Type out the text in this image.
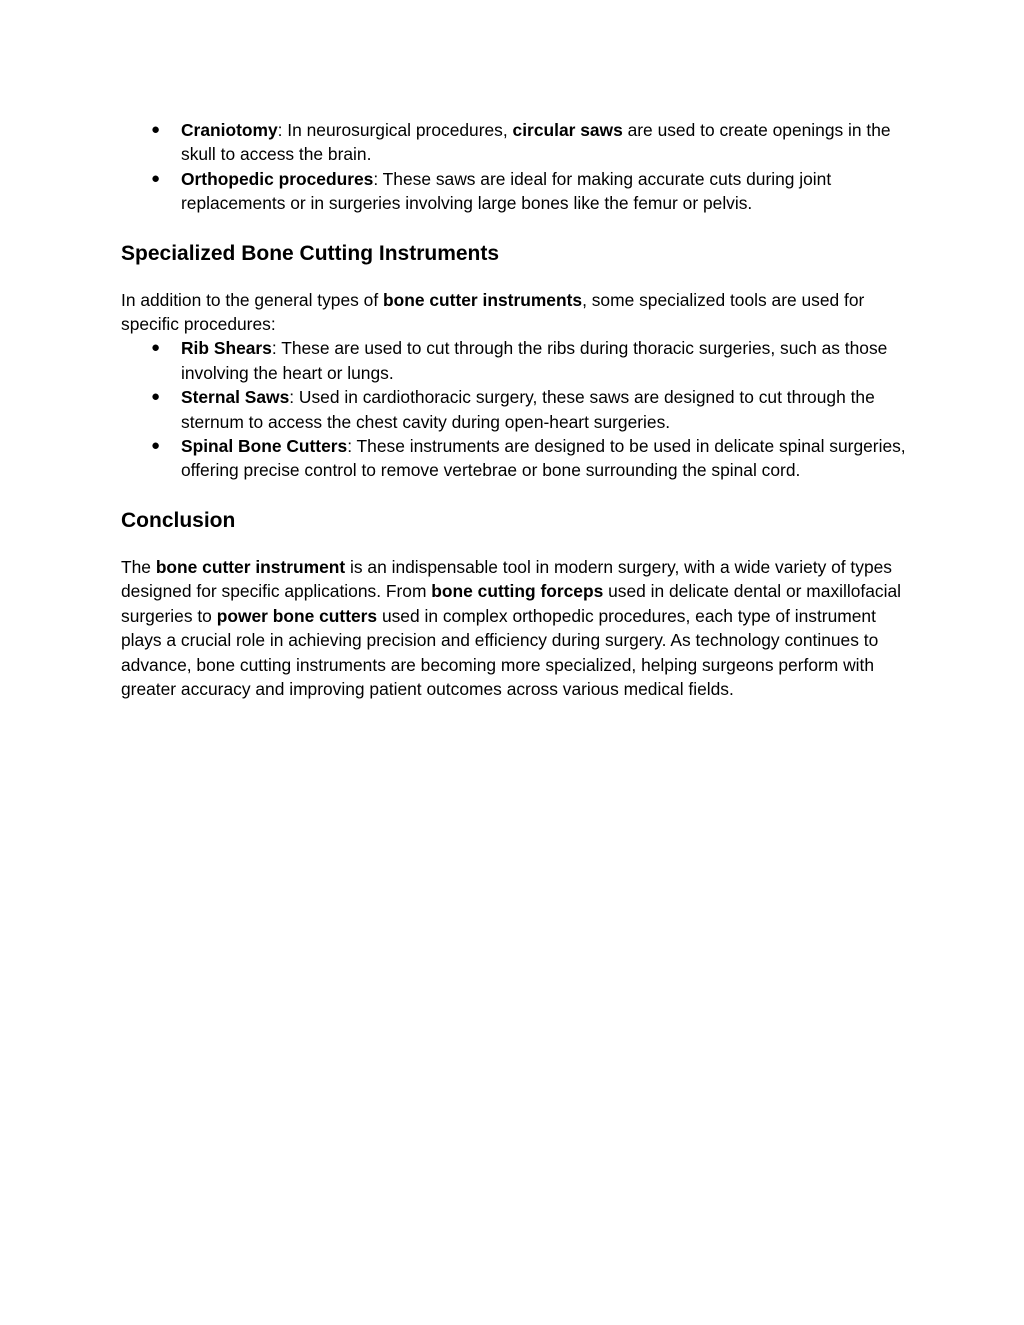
● Craniotomy: In neurosurgical procedures, circular saws are used to create openings in the skull to access the brain.
● Orthopedic procedures: These saws are ideal for making accurate cuts during joint replacements or in surgeries involving large bones like the femur or pelvis.
Specialized Bone Cutting Instruments

In addition to the general types of bone cutter instruments, some specialized tools are used for specific procedures:

● Rib Shears: These are used to cut through the ribs during thoracic surgeries, such as those involving the heart or lungs.
● Sternal Saws: Used in cardiothoracic surgery, these saws are designed to cut through the sternum to access the chest cavity during open-heart surgeries.
● Spinal Bone Cutters: These instruments are designed to be used in delicate spinal surgeries, offering precise control to remove vertebrae or bone surrounding the spinal cord.
Conclusion

The bone cutter instrument is an indispensable tool in modern surgery, with a wide variety of types designed for specific applications. From bone cutting forceps used in delicate dental or maxillofacial surgeries to power bone cutters used in complex orthopedic procedures, each type of instrument plays a crucial role in achieving precision and efficiency during surgery. As technology continues to advance, bone cutting instruments are becoming more specialized, helping surgeons perform with greater accuracy and improving patient outcomes across various medical fields.
